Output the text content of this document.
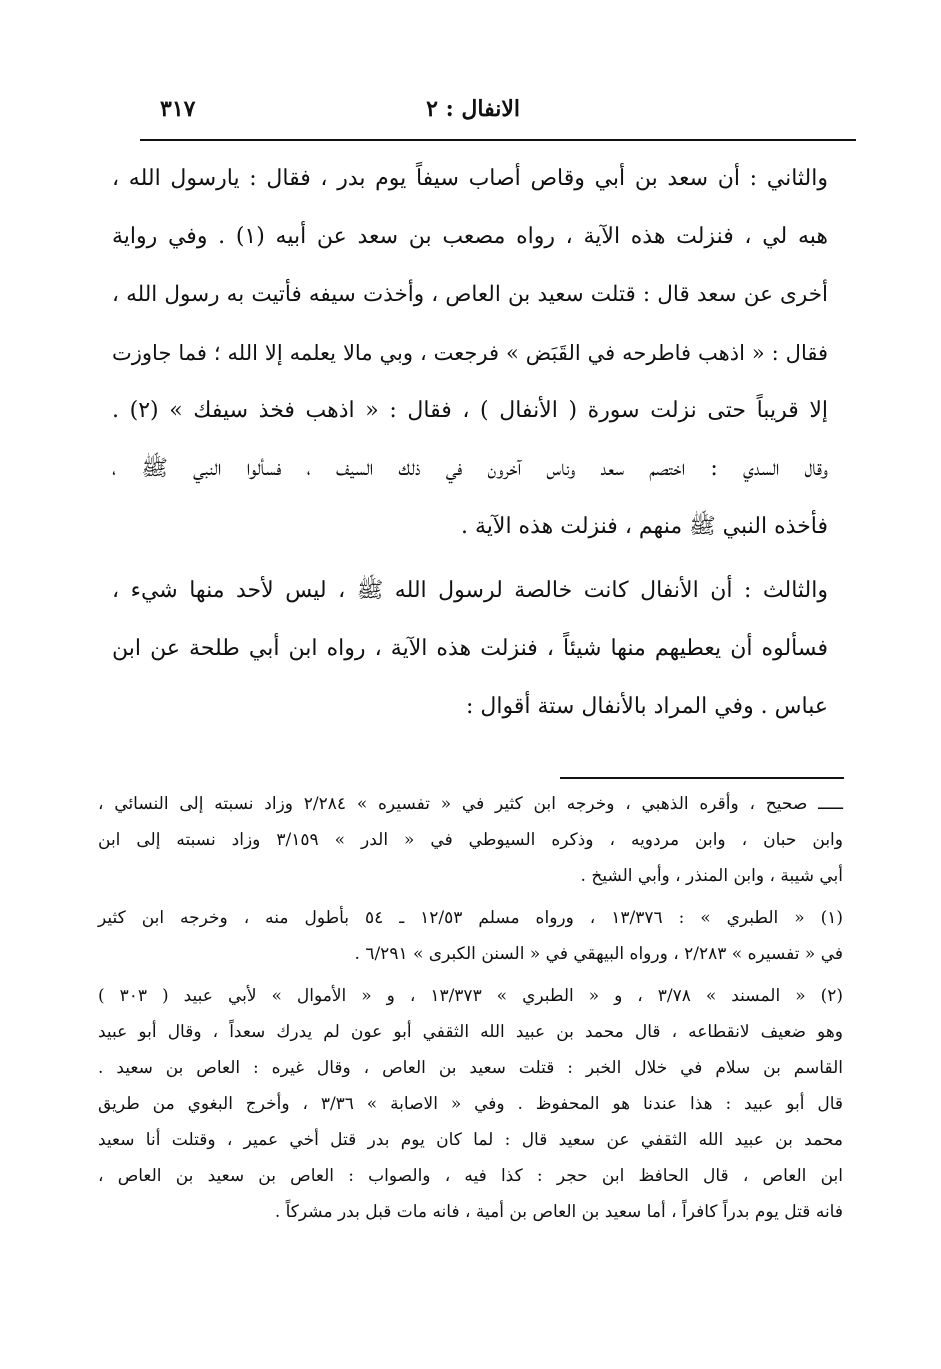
الانفال : ٢
٣١٧
والثاني : أن سعد بن أبي وقاص أصاب سيفاً يوم بدر ، فقال : يارسول الله ،
هبه لي ، فنزلت هذه الآية ، رواه مصعب بن سعد عن أبيه (١) . وفي رواية
أخرى عن سعد قال : قتلت سعيد بن العاص ، وأخذت سيفه فأتيت به رسول الله ،
فقال : « اذهب فاطرحه في القَبَض » فرجعت ، وبي مالا يعلمه إلا الله ؛ فما جاوزت
إلا قريباً حتى نزلت سورة ( الأنفال ) ، فقال : « اذهب فخذ سيفك » (٢) .
وقال السدي : اختصم سعد وناس آخرون في ذلك السيف ، فسألوا النبي ﷺ ،
فأخذه النبي ﷺ منهم ، فنزلت هذه الآية .
والثالث : أن الأنفال كانت خالصة لرسول الله ﷺ ، ليس لأحد منها شيء ،
فسألوه أن يعطيهم منها شيئاً ، فنزلت هذه الآية ، رواه ابن أبي طلحة عن ابن
عباس . وفي المراد بالأنفال ستة أقوال :
ـــــ صحيح ، وأقره الذهبي ، وخرجه ابن كثير في « تفسيره » ٢/٢٨٤ وزاد نسبته إلى النسائي ،
وابن حبان ، وابن مردويه ، وذكره السيوطي في « الدر » ٣/١٥٩ وزاد نسبته إلى ابن
أبي شيبة ، وابن المنذر ، وأبي الشيخ .
(١) « الطبري » : ١٣/٣٧٦ ، ورواه مسلم ١٢/٥٣ ـ ٥٤ بأطول منه ، وخرجه ابن كثير
في « تفسيره » ٢/٢٨٣ ، ورواه البيهقي في « السنن الكبرى » ٦/٢٩١ .
(٢) « المسند » ٣/٧٨ ، و « الطبري » ١٣/٣٧٣ ، و « الأموال » لأبي عبيد ( ٣٠٣ )
وهو ضعيف لانقطاعه ، قال محمد بن عبيد الله الثقفي أبو عون لم يدرك سعداً ، وقال أبو عبيد
القاسم بن سلام في خلال الخبر : قتلت سعيد بن العاص ، وقال غيره : العاص بن سعيد .
قال أبو عبيد : هذا عندنا هو المحفوظ . وفي « الاصابة » ٣/٣٦ ، وأخرج البغوي من طريق
محمد بن عبيد الله الثقفي عن سعيد قال : لما كان يوم بدر قتل أخي عمير ، وقتلت أنا سعيد
ابن العاص ، قال الحافظ ابن حجر : كذا فيه ، والصواب : العاص بن سعيد بن العاص ،
فانه قتل يوم بدراً كافراً ، أما سعيد بن العاص بن أمية ، فانه مات قبل بدر مشركاً .
